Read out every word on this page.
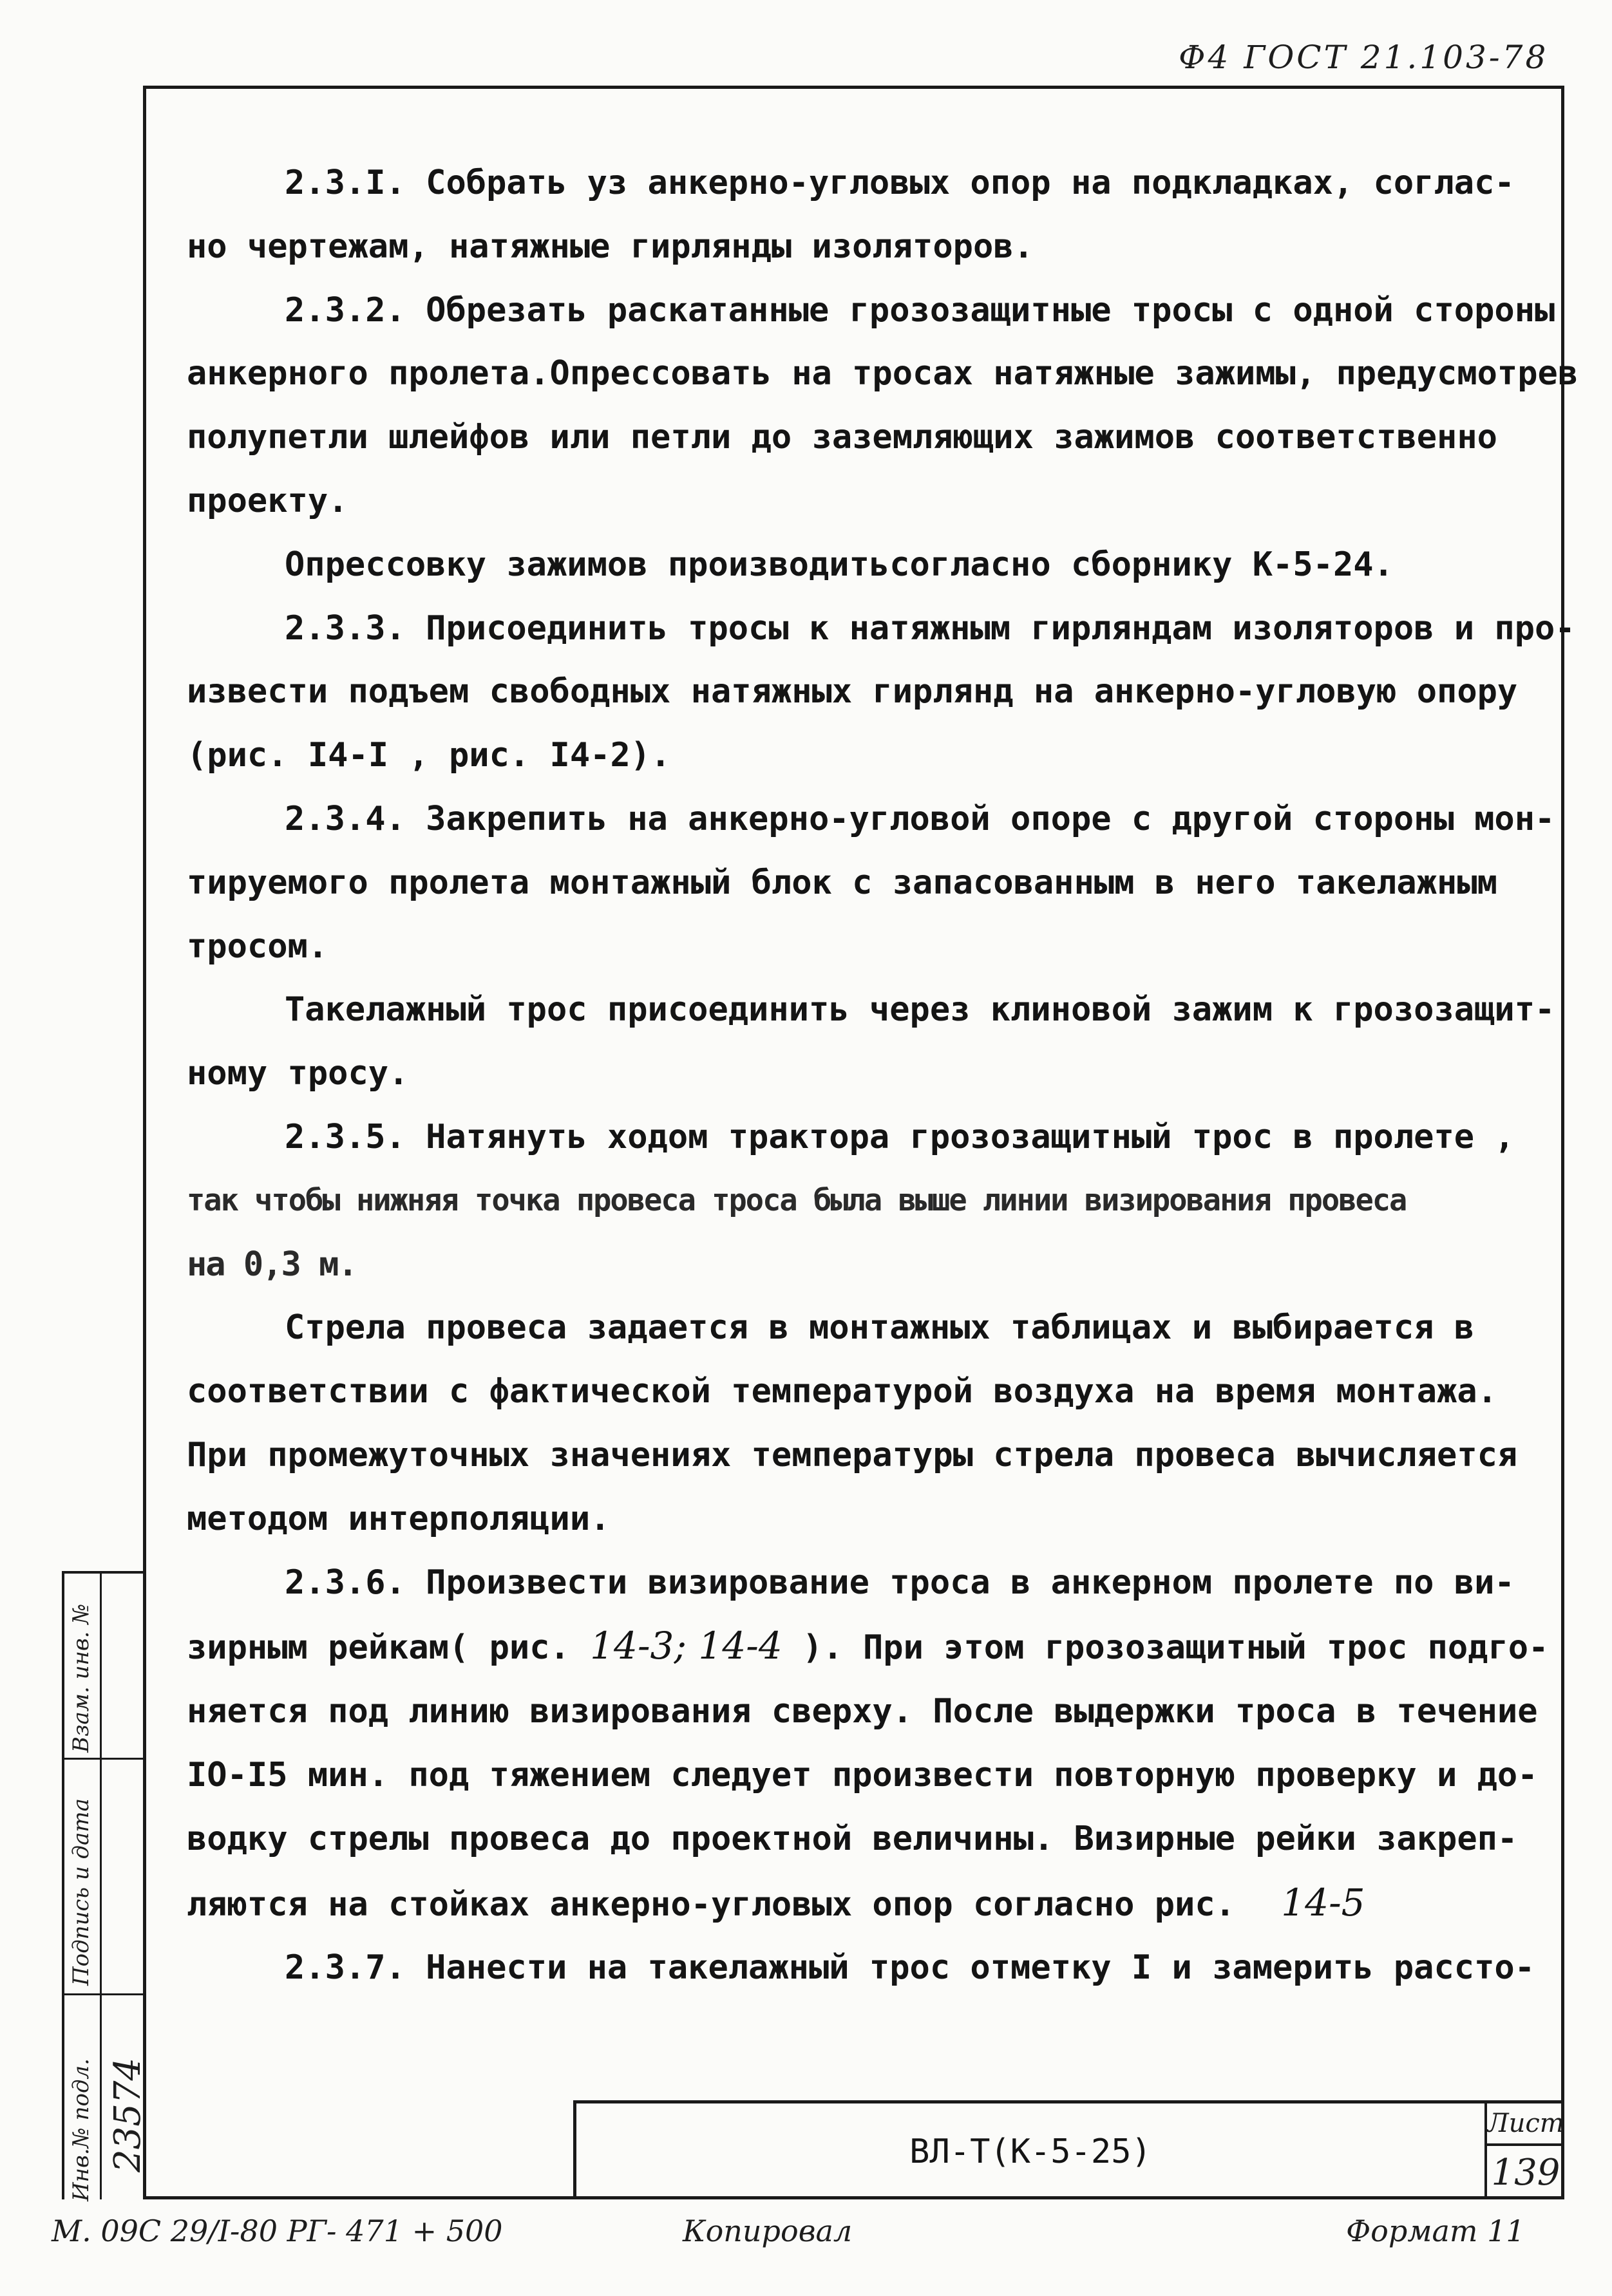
Ф4 ГОСТ 21.103-78

2.3.I. Собрать уз анкерно-угловых опор на подкладках, соглас-

но чертежам, натяжные гирлянды изоляторов.

2.3.2. Обрезать раскатанные грозозащитные тросы с одной стороны

анкерного пролета.Опрессовать на тросах натяжные зажимы, предусмотрев

полупетли шлейфов или петли до заземляющих зажимов соответственно

проекту.

Опрессовку зажимов производитьсогласно сборнику К-5-24.

2.3.3. Присоединить тросы к натяжным гирляндам изоляторов и про-

извести подъем свободных натяжных гирлянд на анкерно-угловую опору

(рис. I4-I , рис. I4-2).

2.3.4. Закрепить на анкерно-угловой опоре с другой стороны мон-

тируемого пролета монтажный блок с запасованным в него такелажным

тросом.

Такелажный трос присоединить через клиновой зажим к грозозащит-

ному тросу.

2.3.5. Натянуть ходом трактора грозозащитный трос в пролете ,

так чтобы нижняя точка провеса троса была выше линии визирования провеса

на 0,3 м.

Стрела провеса задается в монтажных таблицах и выбирается в

соответствии с фактической температурой воздуха на время монтажа.

При промежуточных значениях температуры стрела провеса вычисляется

методом интерполяции.

2.3.6. Произвести визирование троса в анкерном пролете по ви-

зирным рейкам( рис. 14-3; 14-4 ). При этом грозозащитный трос подго-

няется под линию визирования сверху. После выдержки троса в течение

IO-I5 мин. под тяжением следует произвести повторную проверку и до-

водку стрелы провеса до проектной величины. Визирные рейки закреп-

ляются на стойках анкерно-угловых опор согласно рис. 14-5

2.3.7. Нанести на такелажный трос отметку I и замерить рассто-

Инв.№ подл.
Подпись и дата
Взам. инв. №
23574	ВЛ-Т(К-5-25)
Лист
139
М. 09С 29/I-80 РГ- 471 + 500	Копировал	Формат 11
